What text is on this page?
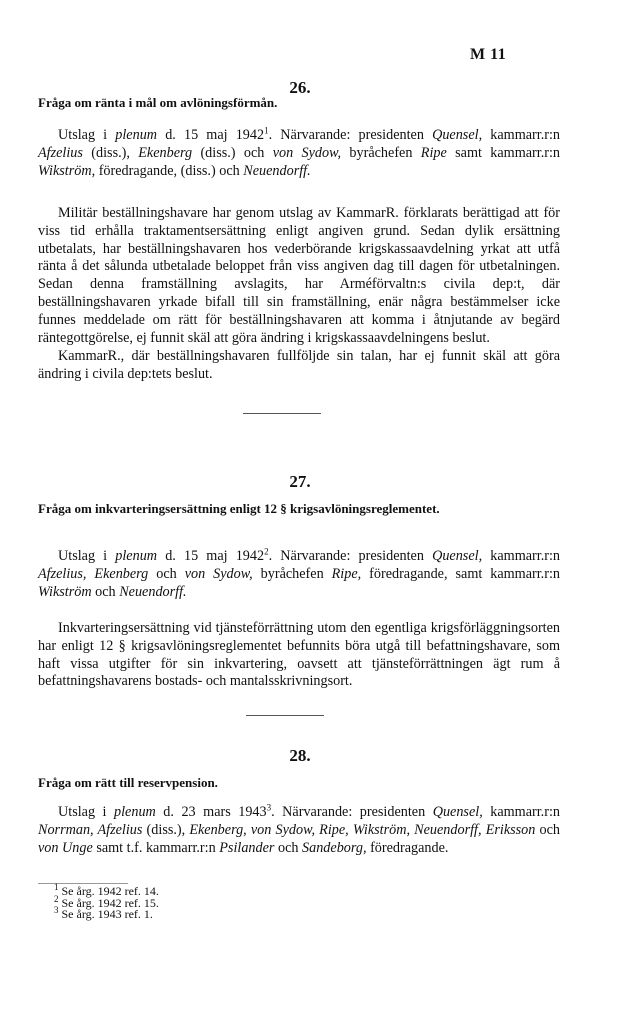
M 11
26.
Fråga om ränta i mål om avlöningsförmån.

Utslag i plenum d. 15 maj 1942$^1$. Närvarande: presidenten Quensel, kammarr.r:n Afzelius (diss.), Ekenberg (diss.) och von Sydow, byråchefen Ripe samt kammarr.r:n Wikström, föredragande, (diss.) och Neuendorff.

Militär beställningshavare har genom utslag av KammarR. förklarats berättigad att för viss tid erhålla traktamentsersättning enligt angiven grund. Sedan dylik ersättning utbetalats, har beställningshavaren hos vederbörande krigskassaavdelning yrkat att utfå ränta å det sålunda utbetalade beloppet från viss angiven dag till dagen för utbetalningen. Sedan denna framställning avslagits, har Arméförvaltn:s civila dep:t, där beställningshavaren yrkade bifall till sin framställning, enär några bestämmelser icke funnes meddelade om rätt för beställningshavaren att komma i åtnjutande av begärd räntegottgörelse, ej funnit skäl att göra ändring i krigskassaavdelningens beslut.

KammarR., där beställningshavaren fullföljde sin talan, har ej funnit skäl att göra ändring i civila dep:tets beslut.

27.
Fråga om inkvarteringsersättning enligt 12 § krigsavlöningsreglementet.

Utslag i plenum d. 15 maj 1942$^2$. Närvarande: presidenten Quensel, kammarr.r:n Afzelius, Ekenberg och von Sydow, byråchefen Ripe, föredragande, samt kammarr.r:n Wikström och Neuendorff.

Inkvarteringsersättning vid tjänsteförrättning utom den egentliga krigsförläggningsorten har enligt 12 § krigsavlöningsreglementet befunnits böra utgå till befattningshavare, som haft vissa utgifter för sin inkvartering, oavsett att tjänsteförrättningen ägt rum å befattningshavarens bostads- och mantalsskrivningsort.

28.
Fråga om rätt till reservpension.

Utslag i plenum d. 23 mars 1943$^3$. Närvarande: presidenten Quensel, kammarr.r:n Norrman, Afzelius (diss.), Ekenberg, von Sydow, Ripe, Wikström, Neuendorff, Eriksson och von Unge samt t.f. kammarr.r:n Psilander och Sandeborg, föredragande.

$^1$ Se årg. 1942 ref. 14.
$^2$ Se årg. 1942 ref. 15.
$^3$ Se årg. 1943 ref. 1.
